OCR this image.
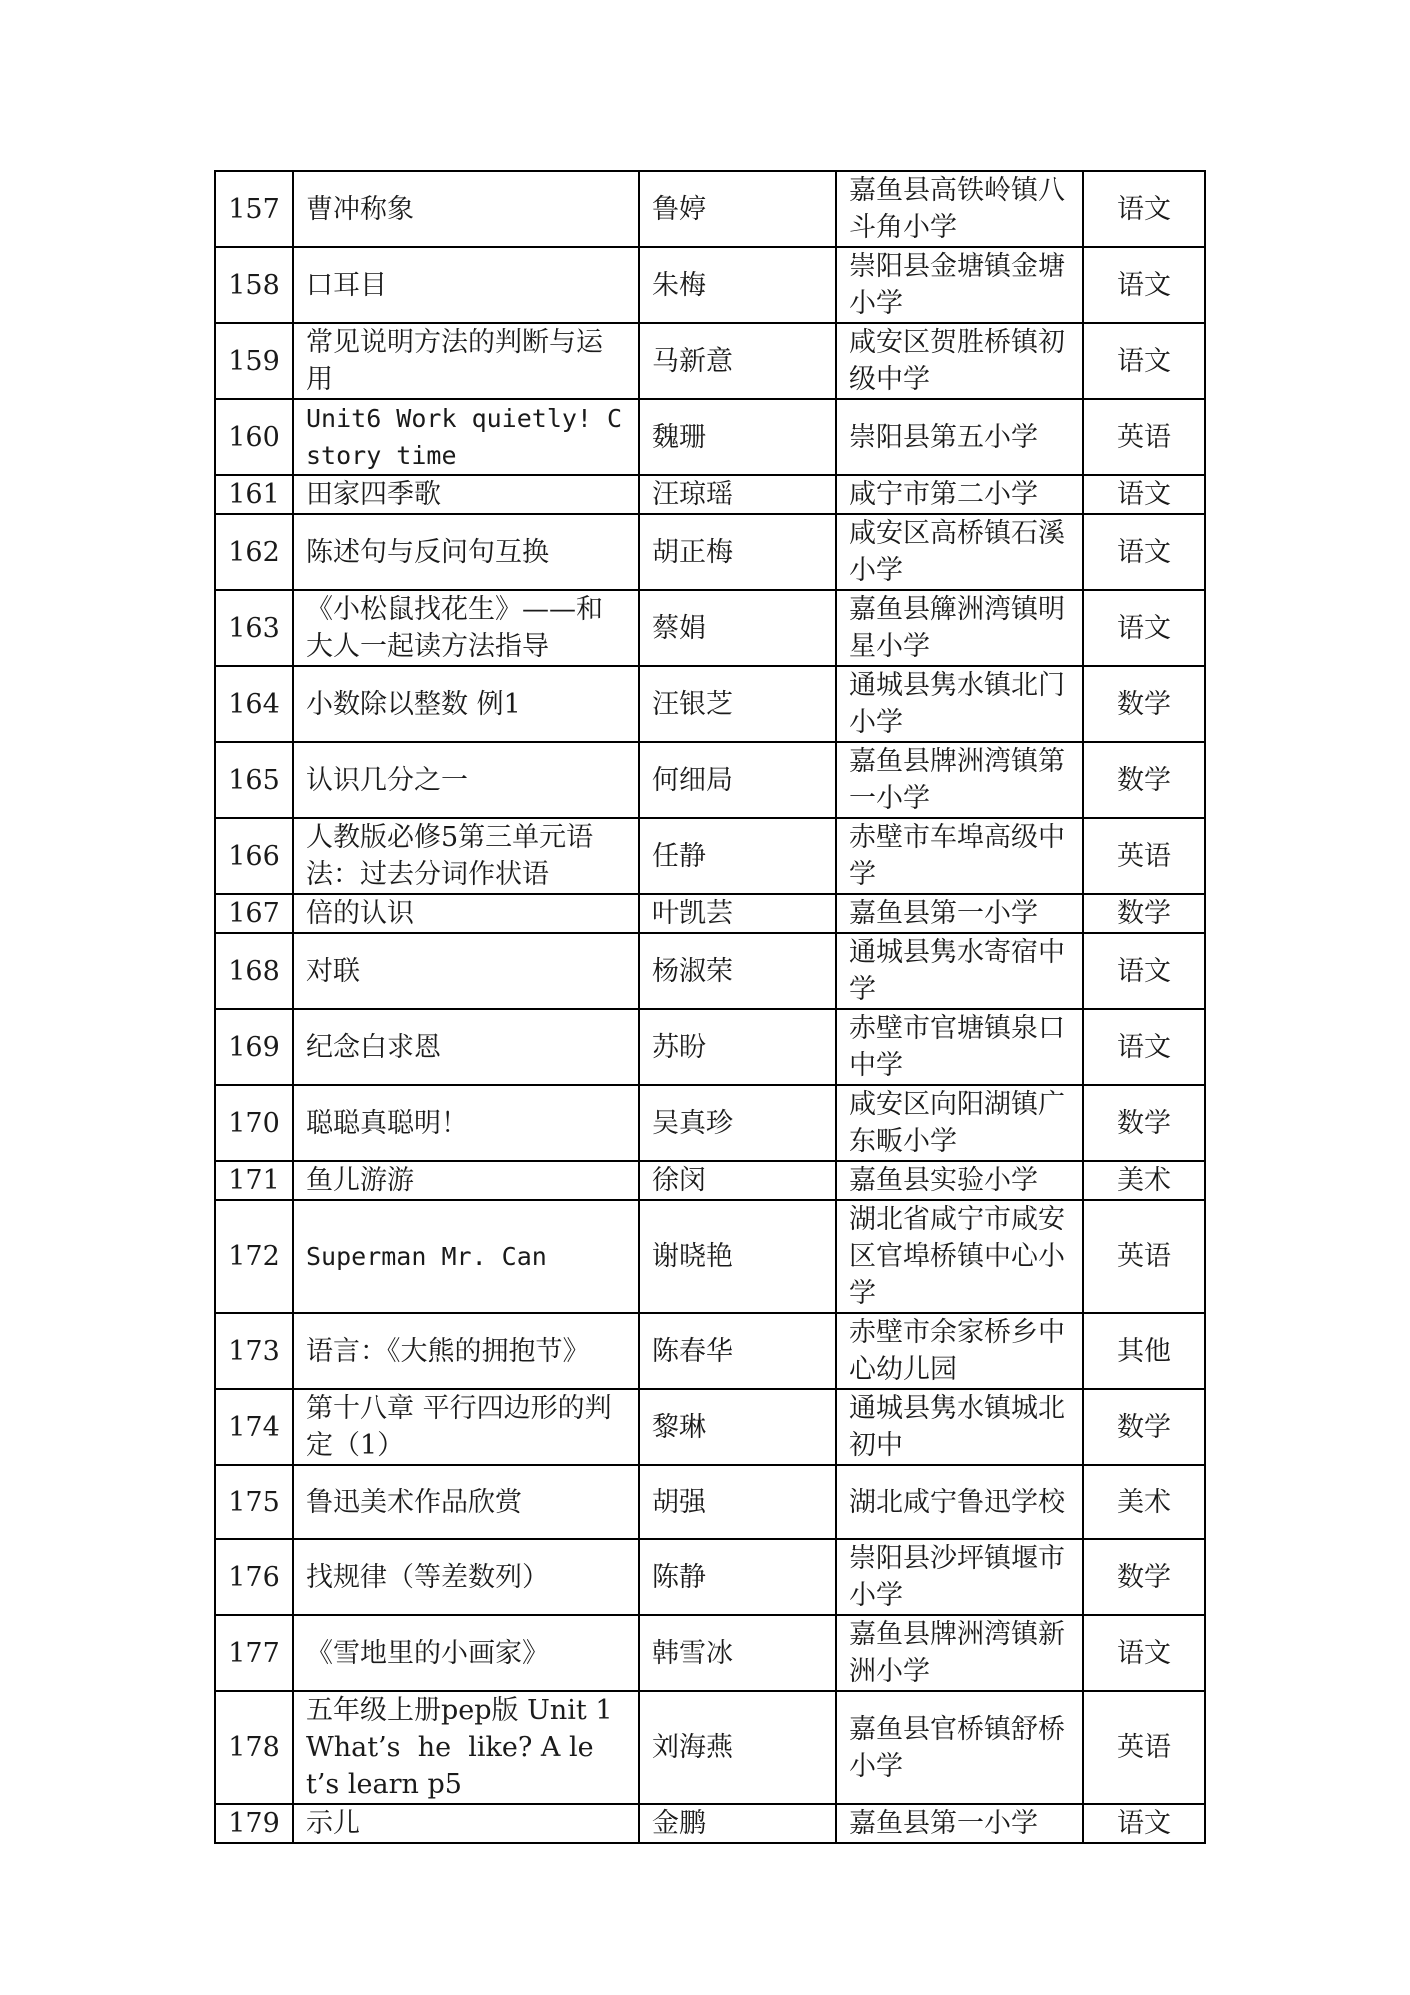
157	曹冲称象	鲁婷	嘉鱼县高铁岭镇八斗角小学	语文
158	口耳目	朱梅	崇阳县金塘镇金塘小学	语文
159	常见说明方法的判断与运用	马新意	咸安区贺胜桥镇初级中学	语文
160	Unit6 Work quietly! C story time	魏珊	崇阳县第五小学	英语
161	田家四季歌	汪琼瑶	咸宁市第二小学	语文
162	陈述句与反问句互换	胡正梅	咸安区高桥镇石溪小学	语文
163	《小松鼠找花生》——和大人一起读方法指导	蔡娟	嘉鱼县簰洲湾镇明星小学	语文
164	小数除以整数 例1	汪银芝	通城县隽水镇北门小学	数学
165	认识几分之一	何细局	嘉鱼县牌洲湾镇第一小学	数学
166	人教版必修5第三单元语法：过去分词作状语	任静	赤壁市车埠高级中学	英语
167	倍的认识	叶凯芸	嘉鱼县第一小学	数学
168	对联	杨淑荣	通城县隽水寄宿中学	语文
169	纪念白求恩	苏盼	赤壁市官塘镇泉口中学	语文
170	聪聪真聪明！	吴真珍	咸安区向阳湖镇广东畈小学	数学
171	鱼儿游游	徐闵	嘉鱼县实验小学	美术
172	Superman Mr. Can	谢晓艳	湖北省咸宁市咸安区官埠桥镇中心小学	英语
173	语言：《大熊的拥抱节》	陈春华	赤壁市余家桥乡中心幼儿园	其他
174	第十八章 平行四边形的判定（1）	黎琳	通城县隽水镇城北初中	数学
175	鲁迅美术作品欣赏	胡强	湖北咸宁鲁迅学校	美术
176	找规律（等差数列）	陈静	崇阳县沙坪镇堰市小学	数学
177	《雪地里的小画家》	韩雪冰	嘉鱼县牌洲湾镇新洲小学	语文
178	五年级上册pep版 Unit 1 What’s  he  like? A let’s learn p5	刘海燕	嘉鱼县官桥镇舒桥小学	英语
179	示儿	金鹏	嘉鱼县第一小学	语文
